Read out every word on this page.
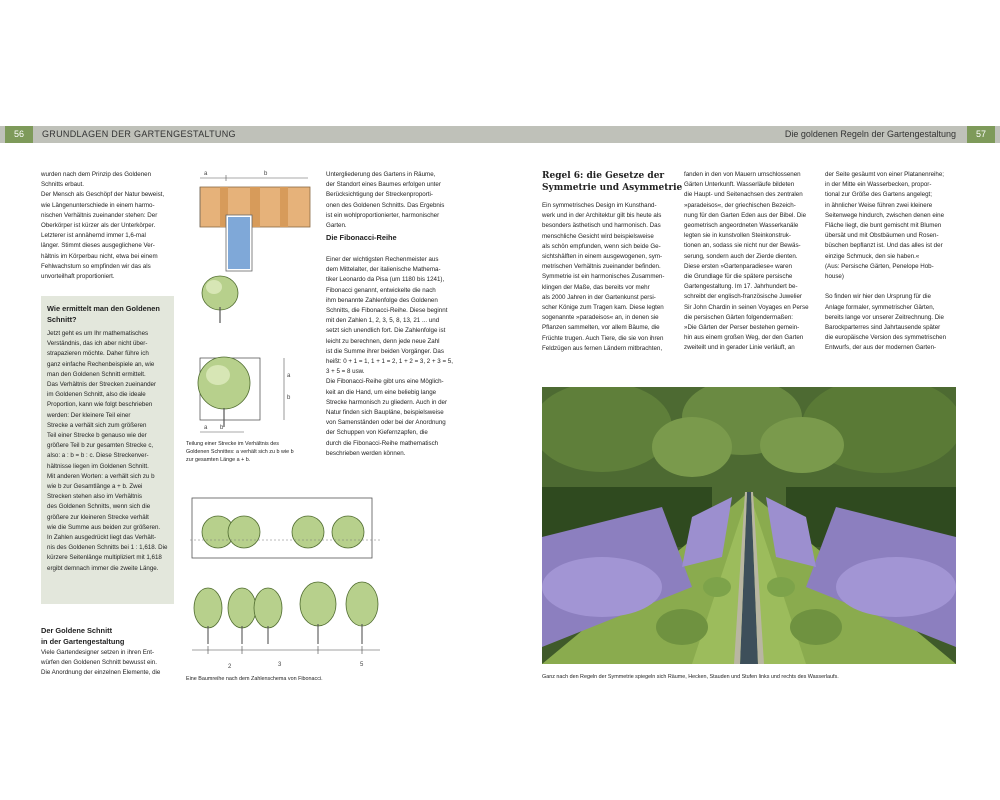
56	GRUNDLAGEN DER GARTENGESTALTUNG	Die goldenen Regeln der Gartengestaltung	57
wurden nach dem Prinzip des Goldenen
Schnitts erbaut.
Der Mensch als Geschöpf der Natur beweist,
wie Längenunterschiede in einem harmo-
nischen Verhältnis zueinander stehen: Der
Oberkörper ist kürzer als der Unterkörper.
Letzterer ist annähernd immer 1,6-mal
länger. Stimmt dieses ausgeglichene Ver-
hältnis im Körperbau nicht, etwa bei einem
Fehlwachstum so empfinden wir das als
unvorteilhaft proportioniert.
Wie ermittelt man den Goldenen
Schnitt?
Jetzt geht es um Ihr mathematisches
Verständnis, das ich aber nicht über-
strapazieren möchte. Daher führe ich
ganz einfache Rechenbeispiele an, wie
man den Goldenen Schnitt ermittelt.
Das Verhältnis der Strecken zueinander
im Goldenen Schnitt, also die ideale
Proportion, kann wie folgt beschrieben
werden: Der kleinere Teil einer
Strecke a verhält sich zum größeren
Teil einer Strecke b genauso wie der
größere Teil b zur gesamten Strecke c,
also: a : b = b : c. Diese Streckenver-
hältnisse liegen im Goldenen Schnitt.
Mit anderen Worten: a verhält sich zu b
wie b zur Gesamtlänge a + b. Zwei
Strecken stehen also im Verhältnis
des Goldenen Schnitts, wenn sich die
größere zur kleineren Strecke verhält
wie die Summe aus beiden zur größeren.
In Zahlen ausgedrückt liegt das Verhält-
nis des Goldenen Schnitts bei 1 : 1,618. Die
kürzere Seitenlänge multipliziert mit 1,618
ergibt demnach immer die zweite Länge.
Der Goldene Schnitt
in der Gartengestaltung
Viele Gartendesigner setzen in ihren Ent-
würfen den Goldenen Schnitt bewusst ein.
Die Anordnung der einzelnen Elemente, die
a	b
a
b
a b
Teilung einer Strecke im Verhältnis des
Goldenen Schnittes: a verhält sich zu b wie b
zur gesamten Länge a + b.
2	3	5
Eine Baumreihe nach dem Zahlenschema von Fibonacci.
Untergliederung des Gartens in Räume,
der Standort eines Baumes erfolgen unter
Berücksichtigung der Streckenproporti-
onen des Goldenen Schnitts. Das Ergebnis
ist ein wohlproportionierter, harmonischer
Garten.
Die Fibonacci-Reihe
Einer der wichtigsten Rechenmeister aus
dem Mittelalter, der italienische Mathema-
tiker Leonardo da Pisa (um 1180 bis 1241),
Fibonacci genannt, entwickelte die nach
ihm benannte Zahlenfolge des Goldenen
Schnitts, die Fibonacci-Reihe. Diese beginnt
mit den Zahlen 1, 2, 3, 5, 8, 13, 21 ... und
setzt sich unendlich fort. Die Zahlenfolge ist
leicht zu berechnen, denn jede neue Zahl
ist die Summe ihrer beiden Vorgänger. Das
heißt: 0 + 1 = 1, 1 + 1 = 2, 1 + 2 = 3, 2 + 3 = 5,
3 + 5 = 8 usw.
Die Fibonacci-Reihe gibt uns eine Möglich-
keit an die Hand, um eine beliebig lange
Strecke harmonisch zu gliedern. Auch in der
Natur finden sich Baupläne, beispielsweise
von Samenständen oder bei der Anordnung
der Schuppen von Kiefernzapfen, die
durch die Fibonacci-Reihe mathematisch
beschrieben werden können.
Regel 6: die Gesetze der
Symmetrie und Asymmetrie
Ein symmetrisches Design im Kunsthand-
werk und in der Architektur gilt bis heute als
besonders ästhetisch und harmonisch. Das
menschliche Gesicht wird beispielsweise
als schön empfunden, wenn sich beide Ge-
sichtshälften in einem ausgewogenen, sym-
metrischen Verhältnis zueinander befinden.
Symmetrie ist ein harmonisches Zusammen-
klingen der Maße, das bereits vor mehr
als 2000 Jahren in der Gartenkunst persi-
scher Könige zum Tragen kam. Diese legten
sogenannte »paradeisos« an, in denen sie
Pflanzen sammelten, vor allem Bäume, die
Früchte trugen. Auch Tiere, die sie von ihren
Feldzügen aus fernen Ländern mitbrachten,
fanden in den von Mauern umschlossenen
Gärten Unterkunft. Wasserläufe bildeten
die Haupt- und Seitenachsen des zentralen
»paradeisos«, der griechischen Bezeich-
nung für den Garten Eden aus der Bibel. Die
geometrisch angeordneten Wasserkanäle
legten sie in kunstvollen Steinkonstruk-
tionen an, sodass sie nicht nur der Bewäs-
serung, sondern auch der Zierde dienten.
Diese ersten »Gartenparadiese« waren
die Grundlage für die spätere persische
Gartengestaltung. Im 17. Jahrhundert be-
schreibt der englisch-französische Juwelier
Sir John Chardin in seinen Voyages en Perse
die persischen Gärten folgendermaßen:
»Die Gärten der Perser bestehen gemein-
hin aus einem großen Weg, der den Garten
zweiteilt und in gerader Linie verläuft, an
der Seite gesäumt von einer Platanenreihe;
in der Mitte ein Wasserbecken, propor-
tional zur Größe des Gartens angelegt;
in ähnlicher Weise führen zwei kleinere
Seitenwege hindurch, zwischen denen eine
Fläche liegt, die bunt gemischt mit Blumen
übersät und mit Obstbäumen und Rosen-
büschen bepflanzt ist. Und das alles ist der
einzige Schmuck, den sie haben.«
(Aus: Persische Gärten, Penelope Hob-
house)

So finden wir hier den Ursprung für die
Anlage formaler, symmetrischer Gärten,
bereits lange vor unserer Zeitrechnung. Die
Barockparterres sind Jahrtausende später
die europäische Version des symmetrischen
Entwurfs, der aus der modernen Garten-
Ganz nach den Regeln der Symmetrie spiegeln sich Räume, Hecken, Stauden und Stufen links und rechts des Wasserlaufs.
